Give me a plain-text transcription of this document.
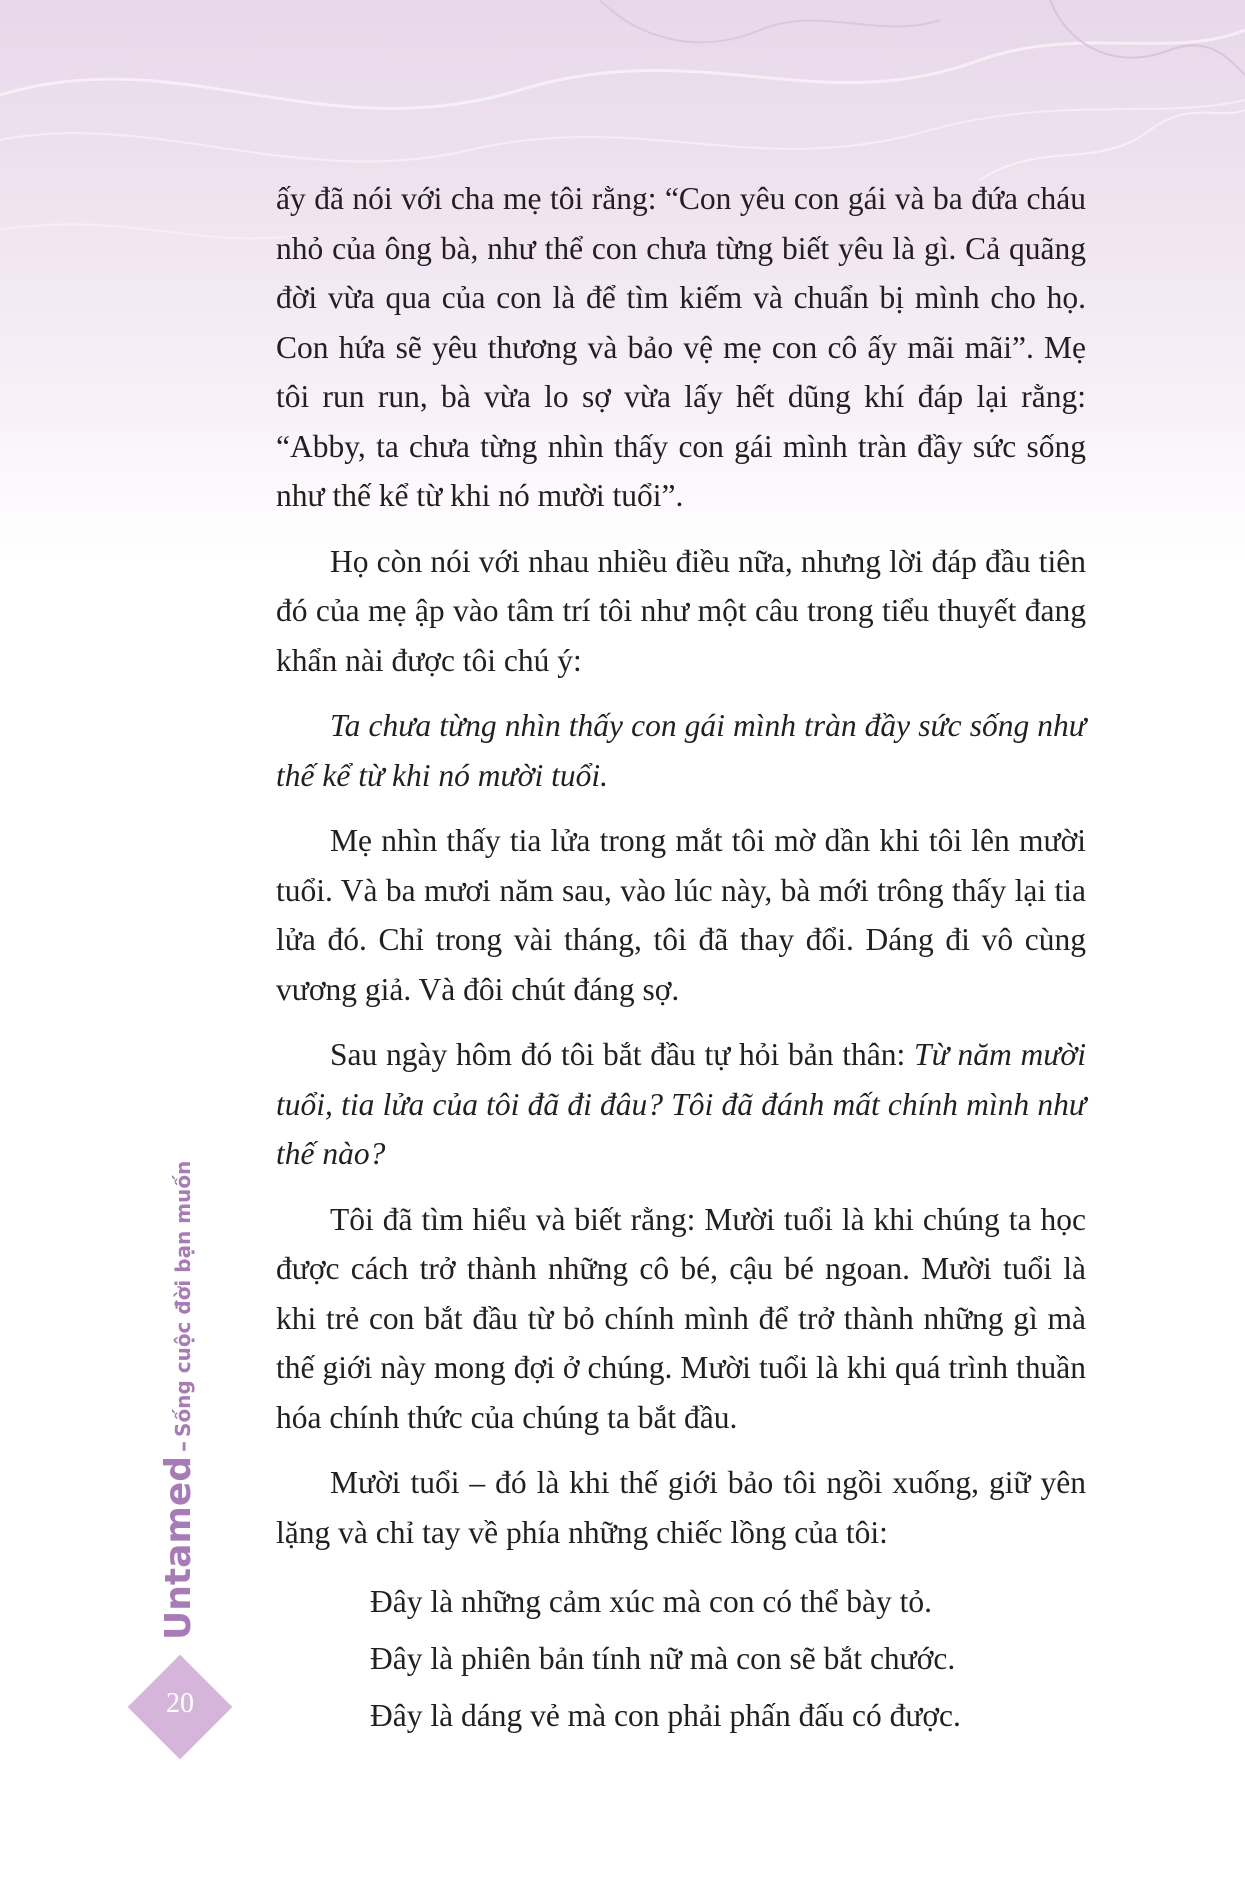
ấy đã nói với cha mẹ tôi rằng: “Con yêu con gái và ba đứa cháu nhỏ của ông bà, như thể con chưa từng biết yêu là gì. Cả quãng đời vừa qua của con là để tìm kiếm và chuẩn bị mình cho họ. Con hứa sẽ yêu thương và bảo vệ mẹ con cô ấy mãi mãi”. Mẹ tôi run run, bà vừa lo sợ vừa lấy hết dũng khí đáp lại rằng: “Abby, ta chưa từng nhìn thấy con gái mình tràn đầy sức sống như thế kể từ khi nó mười tuổi”.

Họ còn nói với nhau nhiều điều nữa, nhưng lời đáp đầu tiên đó của mẹ ập vào tâm trí tôi như một câu trong tiểu thuyết đang khẩn nài được tôi chú ý:

Ta chưa từng nhìn thấy con gái mình tràn đầy sức sống như thế kể từ khi nó mười tuổi.

Mẹ nhìn thấy tia lửa trong mắt tôi mờ dần khi tôi lên mười tuổi. Và ba mươi năm sau, vào lúc này, bà mới trông thấy lại tia lửa đó. Chỉ trong vài tháng, tôi đã thay đổi. Dáng đi vô cùng vương giả. Và đôi chút đáng sợ.

Sau ngày hôm đó tôi bắt đầu tự hỏi bản thân: Từ năm mười tuổi, tia lửa của tôi đã đi đâu? Tôi đã đánh mất chính mình như thế nào?

Tôi đã tìm hiểu và biết rằng: Mười tuổi là khi chúng ta học được cách trở thành những cô bé, cậu bé ngoan. Mười tuổi là khi trẻ con bắt đầu từ bỏ chính mình để trở thành những gì mà thế giới này mong đợi ở chúng. Mười tuổi là khi quá trình thuần hóa chính thức của chúng ta bắt đầu.

Mười tuổi – đó là khi thế giới bảo tôi ngồi xuống, giữ yên lặng và chỉ tay về phía những chiếc lồng của tôi:

Đây là những cảm xúc mà con có thể bày tỏ.

Đây là phiên bản tính nữ mà con sẽ bắt chước.

Đây là dáng vẻ mà con phải phấn đấu có được.

Untamed–Sống cuộc đời bạn muốn
20
